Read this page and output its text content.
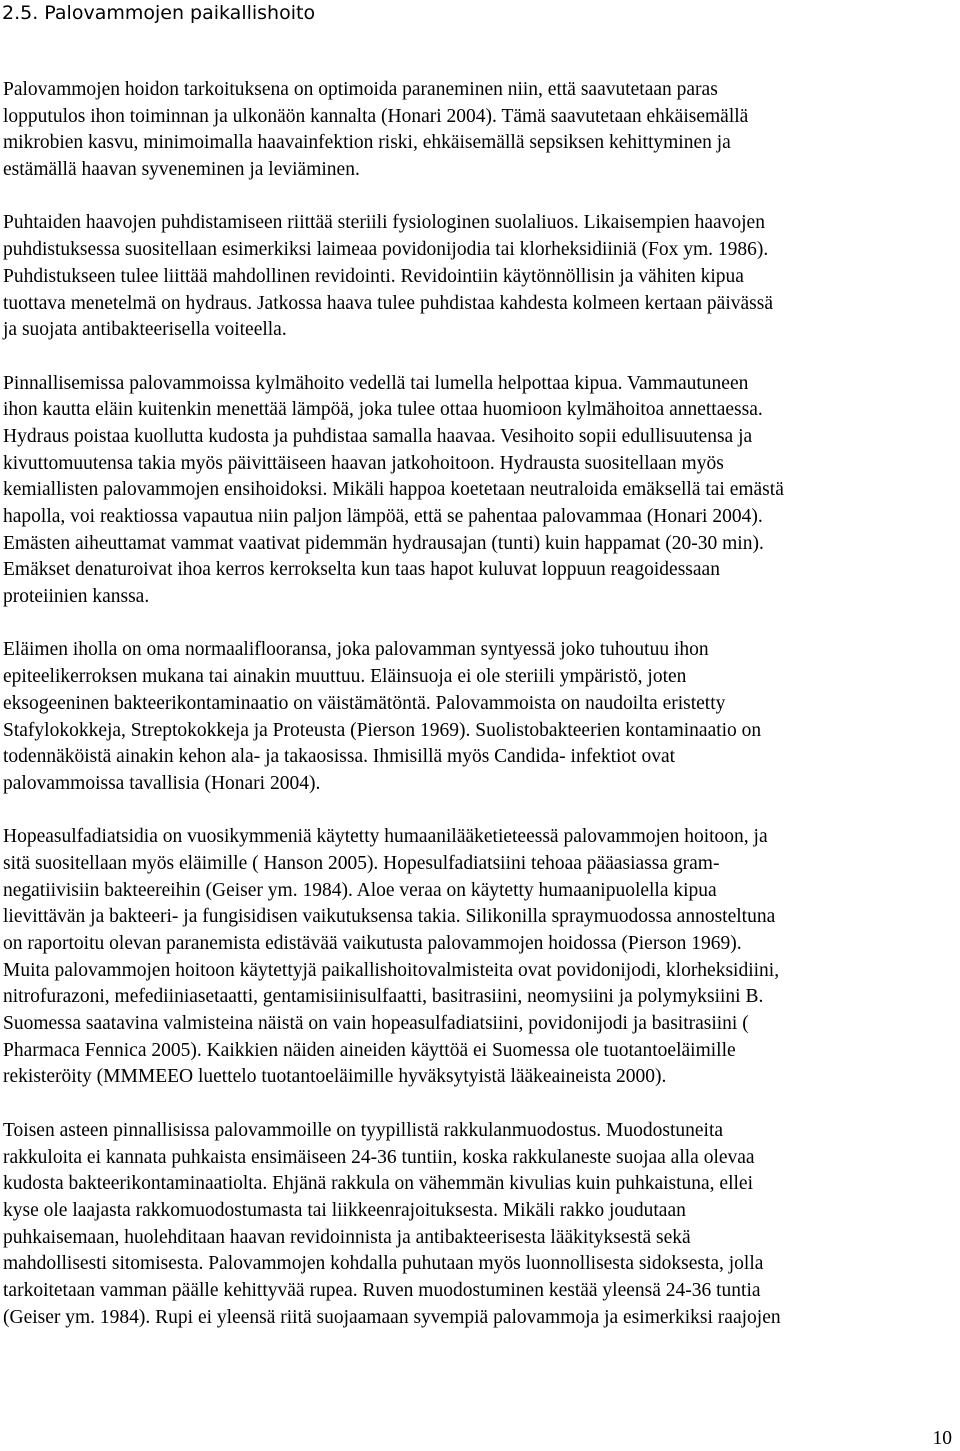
2.5. Palovammojen paikallishoito
Palovammojen hoidon tarkoituksena on optimoida paraneminen niin, että saavutetaan paras
lopputulos ihon toiminnan ja ulkonäön kannalta (Honari 2004). Tämä saavutetaan ehkäisemällä
mikrobien kasvu, minimoimalla haavainfektion riski, ehkäisemällä sepsiksen kehittyminen ja
estämällä haavan syveneminen ja leviäminen.
Puhtaiden haavojen puhdistamiseen riittää steriili fysiologinen suolaliuos. Likaisempien haavojen
puhdistuksessa suositellaan esimerkiksi laimeaa povidonijodia tai klorheksidiiniä (Fox ym. 1986).
Puhdistukseen tulee liittää mahdollinen revidointi. Revidointiin käytönnöllisin ja vähiten kipua
tuottava menetelmä on hydraus. Jatkossa haava tulee puhdistaa kahdesta kolmeen kertaan päivässä
ja suojata antibakteerisella voiteella.
Pinnallisemissa palovammoissa kylmähoito vedellä tai lumella helpottaa kipua. Vammautuneen
ihon kautta eläin kuitenkin menettää lämpöä, joka tulee ottaa huomioon kylmähoitoa annettaessa.
Hydraus poistaa kuollutta kudosta ja puhdistaa samalla haavaa. Vesihoito sopii edullisuutensa ja
kivuttomuutensa takia myös päivittäiseen haavan jatkohoitoon. Hydrausta suositellaan myös
kemiallisten palovammojen ensihoidoksi. Mikäli happoa koetetaan neutraloida emäksellä tai emästä
hapolla, voi reaktiossa vapautua niin paljon lämpöä, että se pahentaa palovammaa (Honari 2004).
Emästen aiheuttamat vammat vaativat pidemmän hydrausajan (tunti) kuin happamat (20-30 min).
Emäkset denaturoivat ihoa kerros kerrokselta kun taas hapot kuluvat loppuun reagoidessaan
proteiinien kanssa.
Eläimen iholla on oma normaaliflooransa, joka palovamman syntyessä joko tuhoutuu ihon
epiteelikerroksen mukana tai ainakin muuttuu. Eläinsuoja ei ole steriili ympäristö, joten
eksogeeninen bakteerikontaminaatio on väistämätöntä. Palovammoista on naudoilta eristetty
Stafylokokkeja, Streptokokkeja ja Proteusta (Pierson 1969). Suolistobakteerien kontaminaatio on
todennäköistä ainakin kehon ala- ja takaosissa. Ihmisillä myös Candida- infektiot ovat
palovammoissa tavallisia (Honari 2004).
Hopeasulfadiatsidia on vuosikymmeniä käytetty humaanilääketieteessä palovammojen hoitoon, ja
sitä suositellaan myös eläimille ( Hanson 2005). Hopesulfadiatsiini tehoaa pääasiassa gram-
negatiivisiin bakteereihin (Geiser ym. 1984). Aloe veraa on käytetty humaanipuolella kipua
lievittävän ja bakteeri- ja fungisidisen vaikutuksensa takia. Silikonilla spraymuodossa annosteltuna
on raportoitu olevan paranemista edistävää vaikutusta palovammojen hoidossa (Pierson 1969).
Muita palovammojen hoitoon käytettyjä paikallishoitovalmisteita ovat povidonijodi, klorheksidiini,
nitrofurazoni, mefediiniasetaatti, gentamisiinisulfaatti, basitrasiini, neomysiini ja polymyksiini B.
Suomessa saatavina valmisteina näistä on vain hopeasulfadiatsiini, povidonijodi ja basitrasiini (
Pharmaca Fennica 2005). Kaikkien näiden aineiden käyttöä ei Suomessa ole tuotantoeläimille
rekisteröity (MMMEEO luettelo tuotantoeläimille hyväksytyistä lääkeaineista 2000).
Toisen asteen pinnallisissa palovammoille on tyypillistä rakkulanmuodostus. Muodostuneita
rakkuloita ei kannata puhkaista ensimäiseen 24-36 tuntiin, koska rakkulaneste suojaa alla olevaa
kudosta bakteerikontaminaatiolta. Ehjänä rakkula on vähemmän kivulias kuin puhkaistuna, ellei
kyse ole laajasta rakkomuodostumasta tai liikkeenrajoituksesta. Mikäli rakko joudutaan
puhkaisemaan, huolehditaan haavan revidoinnista ja antibakteerisesta lääkityksestä sekä
mahdollisesti sitomisesta. Palovammojen kohdalla puhutaan myös luonnollisesta sidoksesta, jolla
tarkoitetaan vamman päälle kehittyvää rupea. Ruven muodostuminen kestää yleensä 24-36 tuntia
(Geiser ym. 1984). Rupi ei yleensä riitä suojaamaan syvempiä palovammoja ja esimerkiksi raajojen
10
